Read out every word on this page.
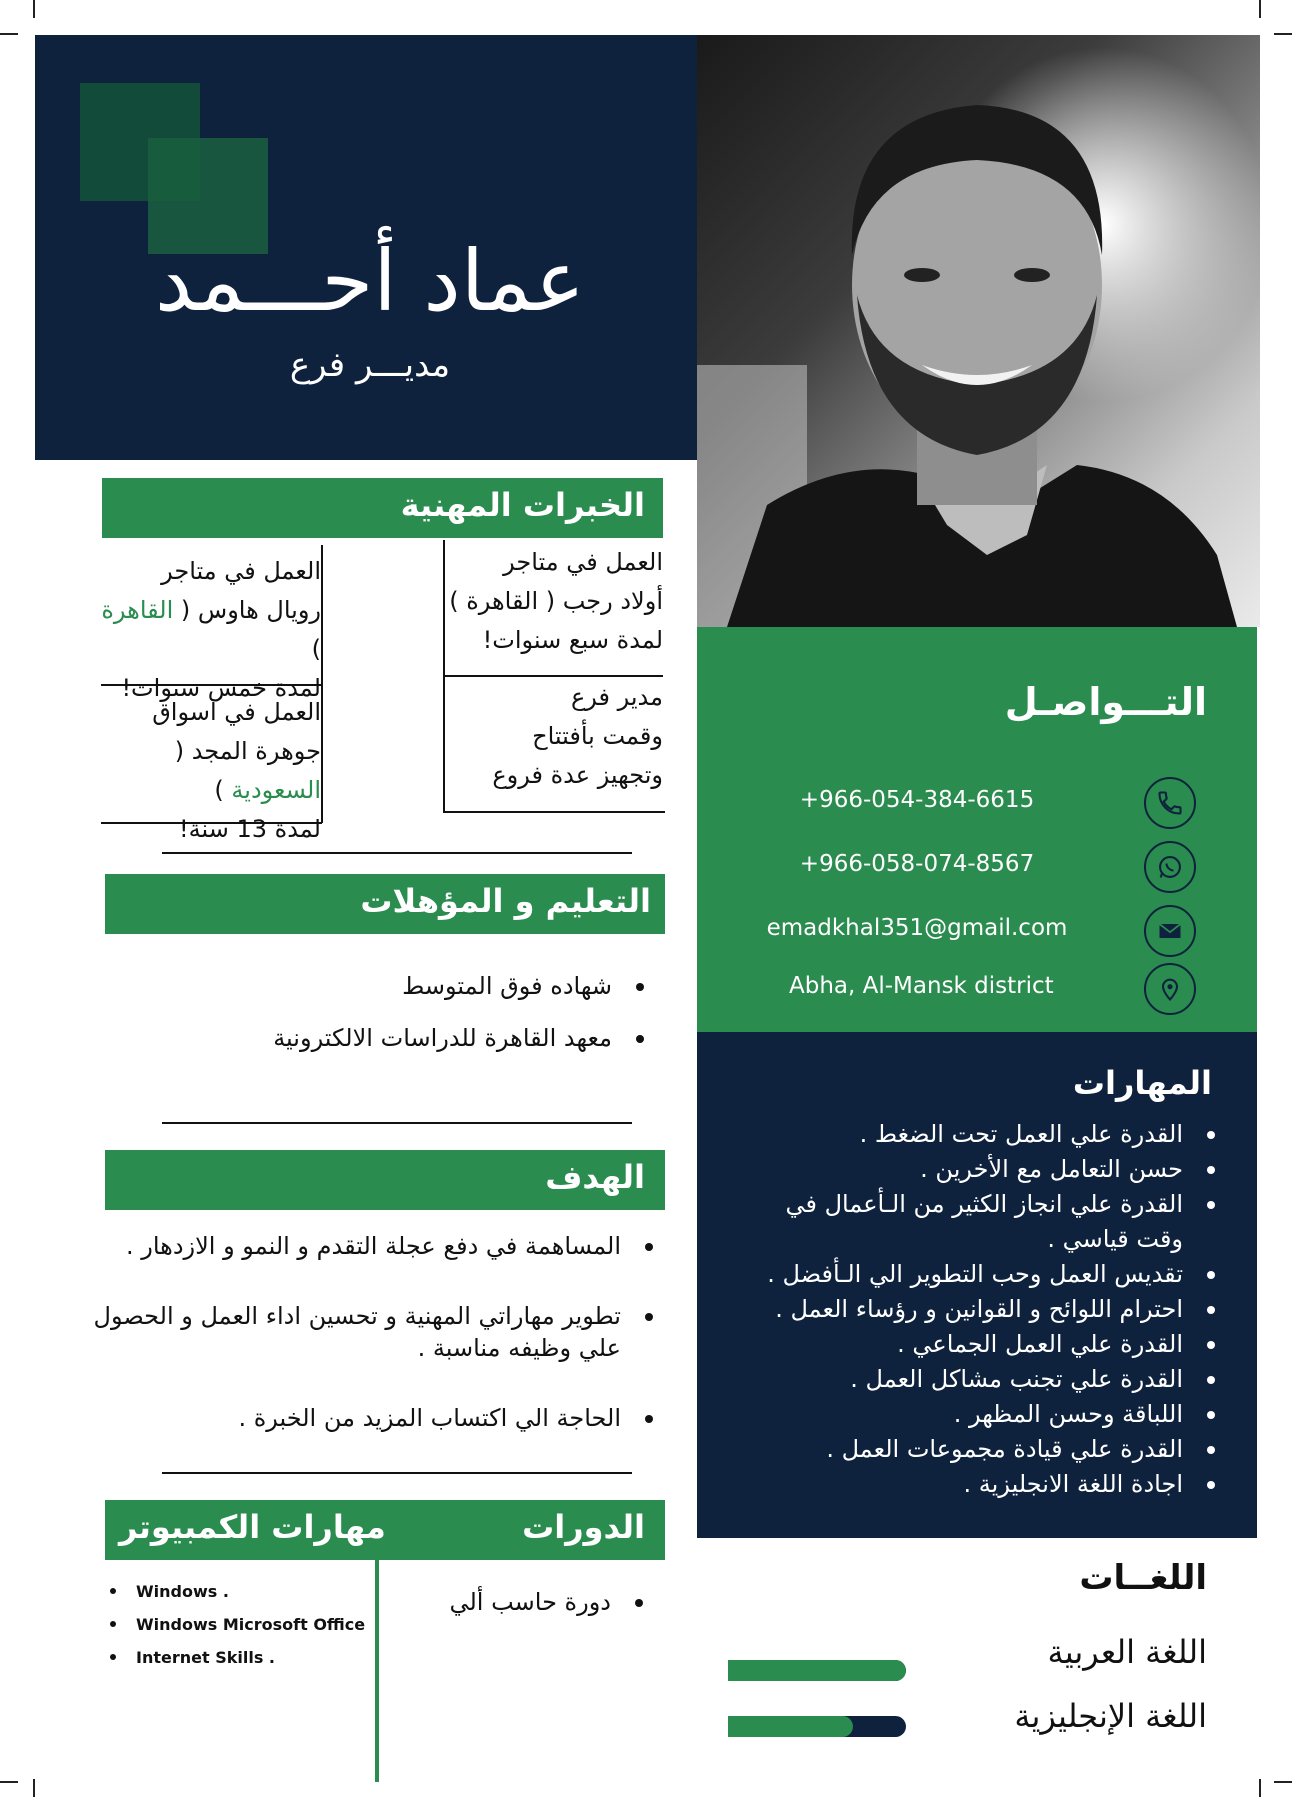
عماد أحـــمد
مديـــر فرع
التـــواصـل
+966-054-384-6615
+966-058-074-8567
emadkhal351@gmail.com
Abha, Al-Mansk district
المهارات
القدرة علي العمل تحت الضغط .
حسن التعامل مع الأخرين .
القدرة علي انجاز الكثير من الـأعمال في
وقت قياسي .
تقديس العمل وحب التطوير الي الـأفضل .
احترام اللوائح و القوانين و رؤساء العمل .
القدرة علي العمل الجماعي .
القدرة علي تجنب مشاكل العمل .
اللباقة وحسن المظهر .
القدرة علي قيادة مجموعات العمل .
اجادة اللغة الانجليزية .
اللغــات
اللغة العربية
اللغة الإنجليزية
الخبرات المهنية
العمل في متاجر
أولاد رجب ( القاهرة )
لمدة سبع سنوات!
مدير فرع
وقمت بأفتتاح
وتجهيز عدة فروع
العمل في متاجر
رويال هاوس ( القاهرة )
لمدة خمس سنوات!
العمل في اسواق
جوهرة المجد ( السعودية )
لمدة 13 سنة!
التعليم و المؤهلات
شهاده فوق المتوسط
معهد القاهرة للدراسات الالكترونية
الهدف
المساهمة في دفع عجلة التقدم و النمو و الازدهار .
تطوير مهاراتي المهنية و تحسين اداء العمل و الحصول علي وظيفه مناسبة .
الحاجة الي اكتساب المزيد من الخبرة .
الدورات
مهارات الكمبيوتر
دورة حاسب ألي
Windows .
Windows Microsoft Office
Internet Skills .
